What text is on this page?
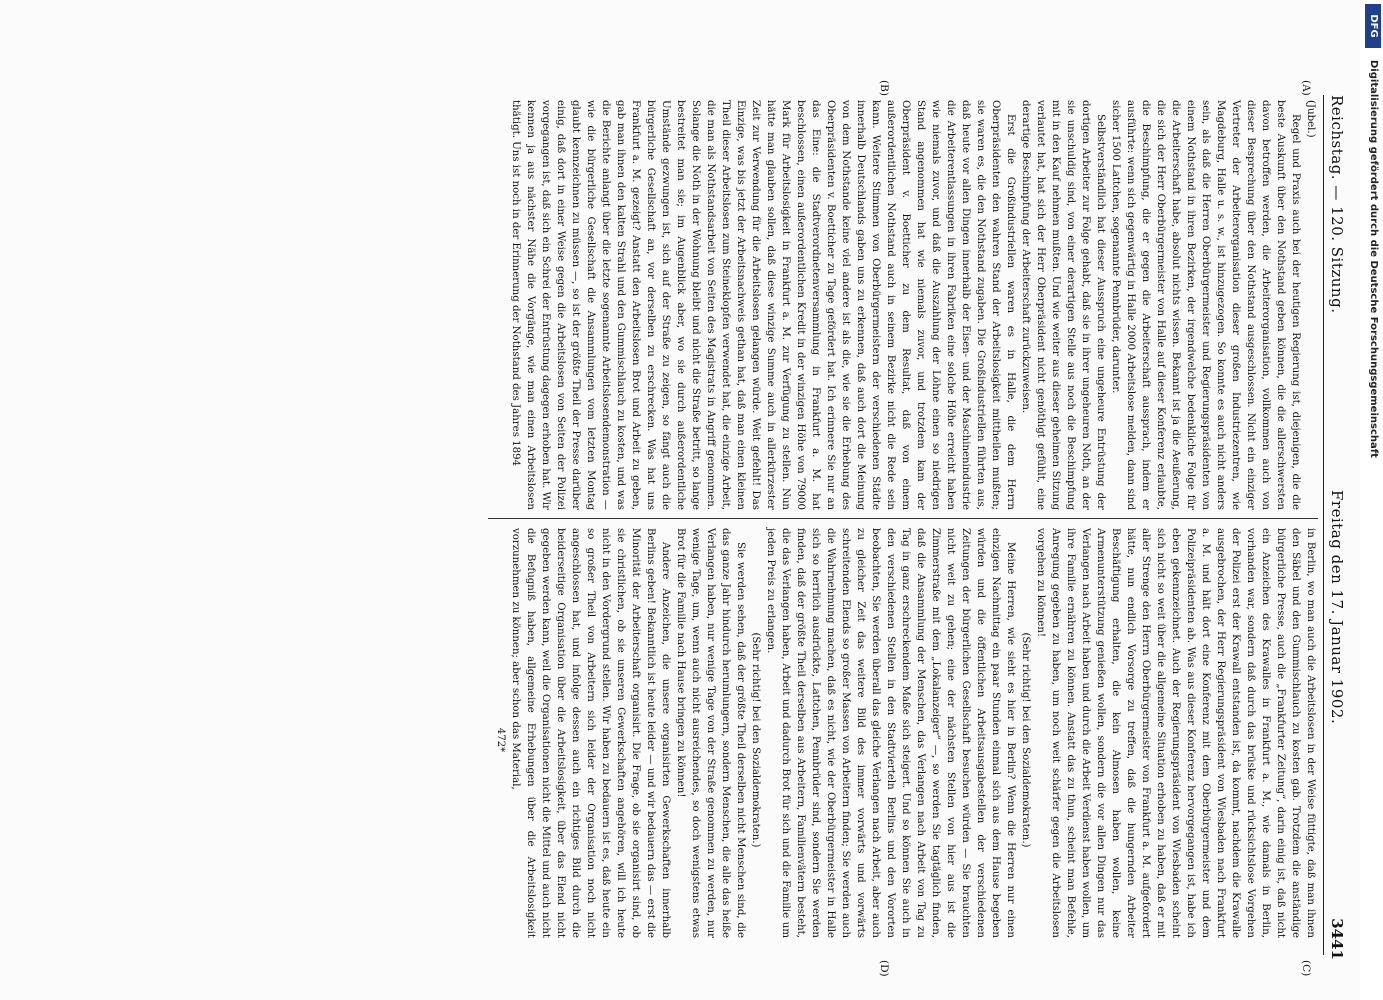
Reichstag. — 120. Sitzung.
Freitag den 17. Januar 1902.
3441
(A)
(B)
(C)
(D)

(Jubel.)

Regel und Praxis auch bei der heutigen Regierung ist, diejenigen, die die beste Auskunft über den Nothstand geben können, die die allerschwersten davon betroffen werden, die Arbeiterorganisation, vollkommen auch von dieser Besprechung über den Nothstand ausgeschlossen. Nicht ein einziger Vertreter der Arbeiterorganisation dieser großen Industriezentren, wie Magdeburg, Halle u. s. w., ist hinzugezogen. So konnte es auch nicht anders sein, als daß die Herren Oberbürgermeister und Regierungspräsidenten von einem Nothstand in ihren Bezirken, der irgendwelche bedenkliche Folge für die Arbeiterschaft habe, absolut nichts wissen. Bekannt ist ja die Aeußerung, die sich der Herr Oberbürgermeister von Halle auf dieser Konferenz erlaubte, die Beschimpfung, die er gegen die Arbeiterschaft aussprach, indem er ausführte: wenn sich gegenwärtig in Halle 2000 Arbeitslose melden, dann sind sicher 1500 Lattchen, sogenannte Pennbrüder, darunter.

Selbstverständlich hat dieser Ausspruch eine ungeheure Entrüstung der dortigen Arbeiter zur Folge gehabt, daß sie in ihrer ungeheuren Noth, an der sie unschuldig sind, von einer derartigen Stelle aus noch die Beschimpfung mit in den Kauf nehmen mußten. Und wie weiter aus dieser geheimen Sitzung verlautet hat, hat sich der Herr Oberpräsident nicht genöthigt gefühlt, eine derartige Beschimpfung der Arbeiterschaft zurückzuweisen.

Erst die Großindustriellen waren es in Halle, die dem Herrn Oberpräsidenten den wahren Stand der Arbeitslosigkeit mittheilen mußten; sie waren es, die den Nothstand zugaben. Die Großindustriellen führten aus, daß heute vor allen Dingen innerhalb der Eisen- und der Maschinenindustrie die Arbeiterentlassungen in ihren Fabriken eine solche Höhe erreicht haben wie niemals zuvor, und daß die Auszahlung der Löhne einen so niedrigen Stand angenommen hat wie niemals zuvor, und trotzdem kam der Oberpräsident v. Boetticher zu dem Resultat, daß von einem außerordentlichen Nothstand auch in seinem Bezirke nicht die Rede sein kann. Weitere Stimmen von Oberbürgermeistern der verschiedenen Städte innerhalb Deutschlands gaben uns zu erkennen, daß auch dort die Meinung von dem Nothstande keine viel andere ist als die, wie sie die Erhebung des Oberpräsidenten v. Boetticher zu Tage gefördert hat. Ich erinnere Sie nur an das Eine: die Stadtverordnetenversammlung in Frankfurt a. M. hat beschlossen, einen außerordentlichen Kredit in der winzigen Höhe von 79000 Mark für Arbeitslosigkeit in Frankfurt a. M. zur Verfügung zu stellen. Nun hätte man glauben sollen, daß diese winzige Summe auch in allerkürzester Zeit zur Verwendung für die Arbeitslosen gelangen würde. Weit gefehlt! Das Einzige, was bis jetzt der Arbeitsnachweis gethan hat, daß man einen kleinen Theil dieser Arbeitslosen zum Steineklopfen verwendet hat, die einzige Arbeit, die man als Nothstandsarbeit von Seiten des Magistrats in Angriff genommen. Solange die Noth in der Wohnung bleibt und nicht die Straße betritt, so lange bestreitet man sie; im Augenblick aber, wo sie durch außerordentliche Umstände gezwungen ist, sich auf der Straße zu zeigen, so fängt auch die bürgerliche Gesellschaft an, vor derselben zu erschrecken. Was hat uns Frankfurt a. M. gezeigt? Anstatt den Arbeitslosen Brot und Arbeit zu geben, gab man ihnen den kalten Strahl und den Gummischlauch zu kosten, und was die Berichte anlangt über die letzte sogenannte Arbeitslosendemonstration — wie die bürgerliche Gesellschaft die Ansammlungen vom letzten Montag glaubt kennzeichnen zu müssen —, so ist der größte Theil der Presse darüber einig, daß dort in einer Weise gegen die Arbeitslosen von Seiten der Polizei vorgegangen ist, daß sich ein Schrei der Entrüstung dagegen erhoben hat. Wir kennen ja aus nächster Nähe die Vorgänge, wie man einen Arbeitslosen thätigt. Uns ist noch in der Erinnerung der Nothstand des Jahres 1894

in Berlin, wo man auch die Arbeitslosen in der Weise füttigte, daß man ihnen den Säbel und den Gummischlauch zu kosten gab. Trotzdem die anständige bürgerliche Presse, auch die „Frankfurter Zeitung“, darin einig ist, daß nicht ein Anzeichen des Krawalles in Frankfurt a. M., wie damals in Berlin, vorhanden war, sondern daß durch das brüske und rücksichtslose Vorgehen der Polizei erst der Krawall entstanden ist, da kommt, nachdem die Krawalle ausgebrochen, der Herr Regierungspräsident von Wiesbaden nach Frankfurt a. M. und hält dort eine Konferenz mit dem Oberbürgermeister und dem Polizeipräsidenten ab. Was aus dieser Konferenz hervorgegangen ist, habe ich eben gekennzeichnet. Auch der Regierungspräsident von Wiesbaden scheint sich nicht so weit über die allgemeine Situation erhoben zu haben, daß er mit aller Strenge den Herrn Oberbürgermeister von Frankfurt a. M. aufgefordert hätte, nun endlich Vorsorge zu treffen, daß die hungernden Arbeiter Beschäftigung erhalten, die kein Almosen haben wollen, keine Armenunterstützung genießen wollen, sondern die vor allen Dingen nur das Verlangen nach Arbeit haben und durch die Arbeit Verdienst haben wollen, um ihre Familie ernähren zu können. Anstatt das zu thun, scheint man Befehle, Anregung gegeben zu haben, um noch weit schärfer gegen die Arbeitslosen vorgehen zu können!

(Sehr richtig! bei den Sozialdemokraten.)

Meine Herren, wie sieht es hier in Berlin? Wenn die Herren nur einen einzigen Nachmittag ein paar Stunden einmal sich aus dem Hause begeben würden und die öffentlichen Arbeitsausgabestellen der verschiedenen Zeitungen der bürgerlichen Gesellschaft besuchen würden — Sie brauchten nicht weit zu gehen; eine der nächsten Stellen von hier aus ist die Zimmerstraße mit dem „Lokalanzeiger“ —, so werden Sie tagtäglich finden, daß die Ansammlung der Menschen, das Verlangen nach Arbeit von Tag zu Tag in ganz erschreckendem Maße sich steigert. Und so können Sie auch in den verschiedenen Stellen in den Stadtvierteln Berlins und den Vororten beobachten, Sie werden überall das gleiche Verlangen nach Arbeit, aber auch zu gleicher Zeit das weitere Bild des immer vorwärts und vorwärts schreitenden Elends so großer Massen von Arbeitern finden; Sie werden auch die Wahrnehmung machen, daß es nicht, wie der Oberbürgermeister in Halle sich so herrlich ausdrückte, Lattchen, Pennbrüder sind, sondern Sie werden finden, daß der größte Theil derselben aus Arbeitern, Familienvätern besteht, die das Verlangen haben, Arbeit und dadurch Brot für sich und die Familie um jeden Preis zu erlangen.

(Sehr richtig! bei den Sozialdemokraten.)

Sie werden sehen, daß der größte Theil derselben nicht Menschen sind, die das ganze Jahr hindurch herumlungern, sondern Menschen, die alle das heiße Verlangen haben, nur wenige Tage von der Straße genommen zu werden, nur wenige Tage, um, wenn auch nicht ausreichendes, so doch wenigstens etwas Brot für die Familie nach Hause bringen zu können!

Andere Anzeichen, die unsere organisirten Gewerkschaften innerhalb Berlins geben! Bekanntlich ist heute leider — und wir bedauern das — erst die Minorität der Arbeiterschaft organisirt. Die Frage, ob sie organisirt sind, ob sie christlichen, ob sie unseren Gewerkschaften angehören, will ich heute nicht in den Vordergrund stellen. Wir haben zu bedauern ist es, daß heute ein so großer Theil von Arbeitern sich leider der Organisation noch nicht angeschlossen hat, und infolge dessen auch ein richtiges Bild durch die beiderseitige Organisation über die Arbeitslosigkeit, über das Elend nicht gegeben werden kann, weil die Organisationen nicht die Mittel und auch nicht die Befugniß haben, allgemeine Erhebungen über die Arbeitslosigkeit vorzunehmen zu können; aber schon das Material,

472*

DFG
Digitalisierung gefördert durch die Deutsche Forschungsgemeinschaft
